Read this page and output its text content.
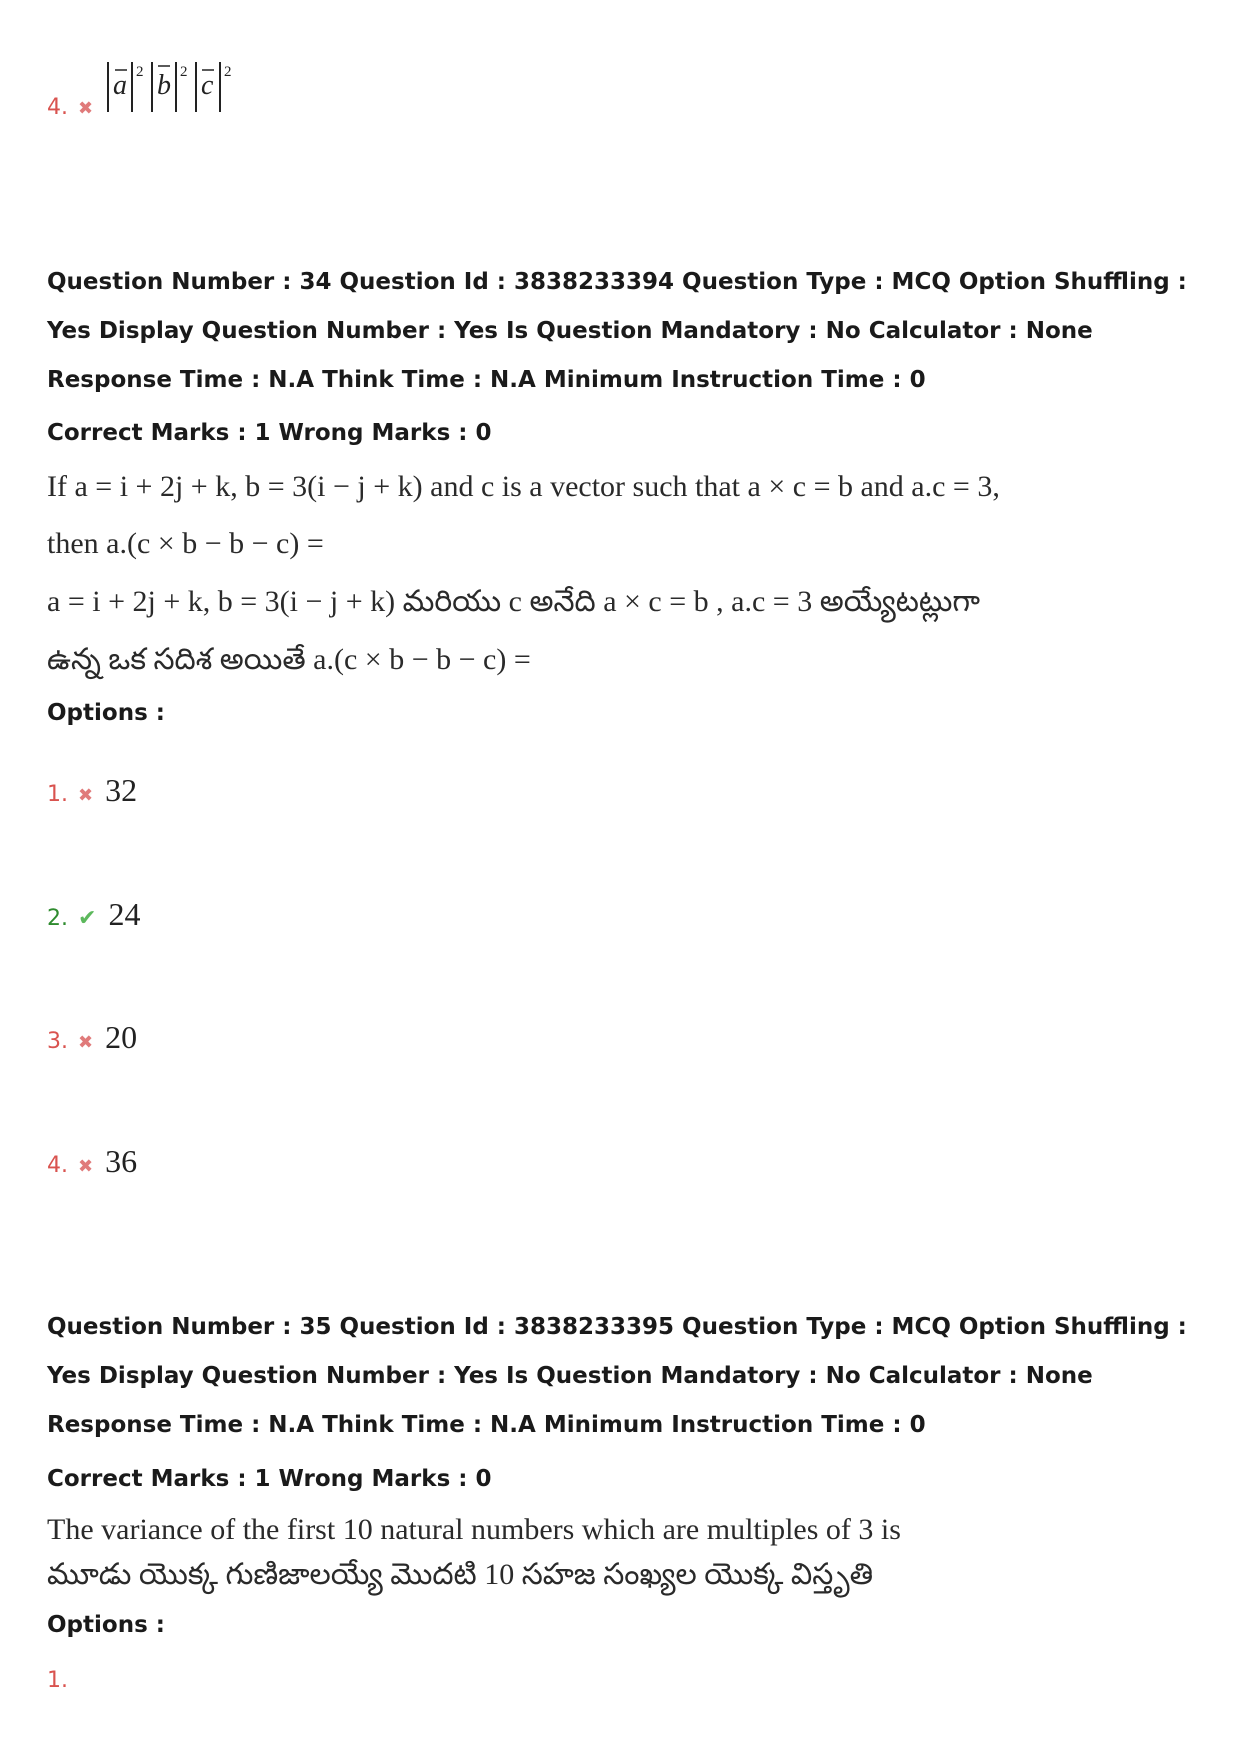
4. ✖
a 2 b 2 c 2
Question Number : 34 Question Id : 3838233394 Question Type : MCQ Option Shuffling : Yes Display Question Number : Yes Is Question Mandatory : No Calculator : None Response Time : N.A Think Time : N.A Minimum Instruction Time : 0
Correct Marks : 1 Wrong Marks : 0
If a = i + 2j + k, b = 3(i − j + k) and c is a vector such that a × c = b and a.c = 3,
then a.(c × b − b − c) =
a = i + 2j + k, b = 3(i − j + k) మరియు c అనేది a × c = b , a.c = 3 అయ్యేటట్లుగా
ఉన్న ఒక సదిశ అయితే a.(c × b − b − c) =
Options :
1. ✖ 32
2. ✔ 24
3. ✖ 20
4. ✖ 36
Question Number : 35 Question Id : 3838233395 Question Type : MCQ Option Shuffling : Yes Display Question Number : Yes Is Question Mandatory : No Calculator : None Response Time : N.A Think Time : N.A Minimum Instruction Time : 0
Correct Marks : 1 Wrong Marks : 0
The variance of the first 10 natural numbers which are multiples of 3 is
మూడు యొక్క గుణిజాలయ్యే మొదటి 10 సహజ సంఖ్యల యొక్క విస్తృతి
Options :
1.
